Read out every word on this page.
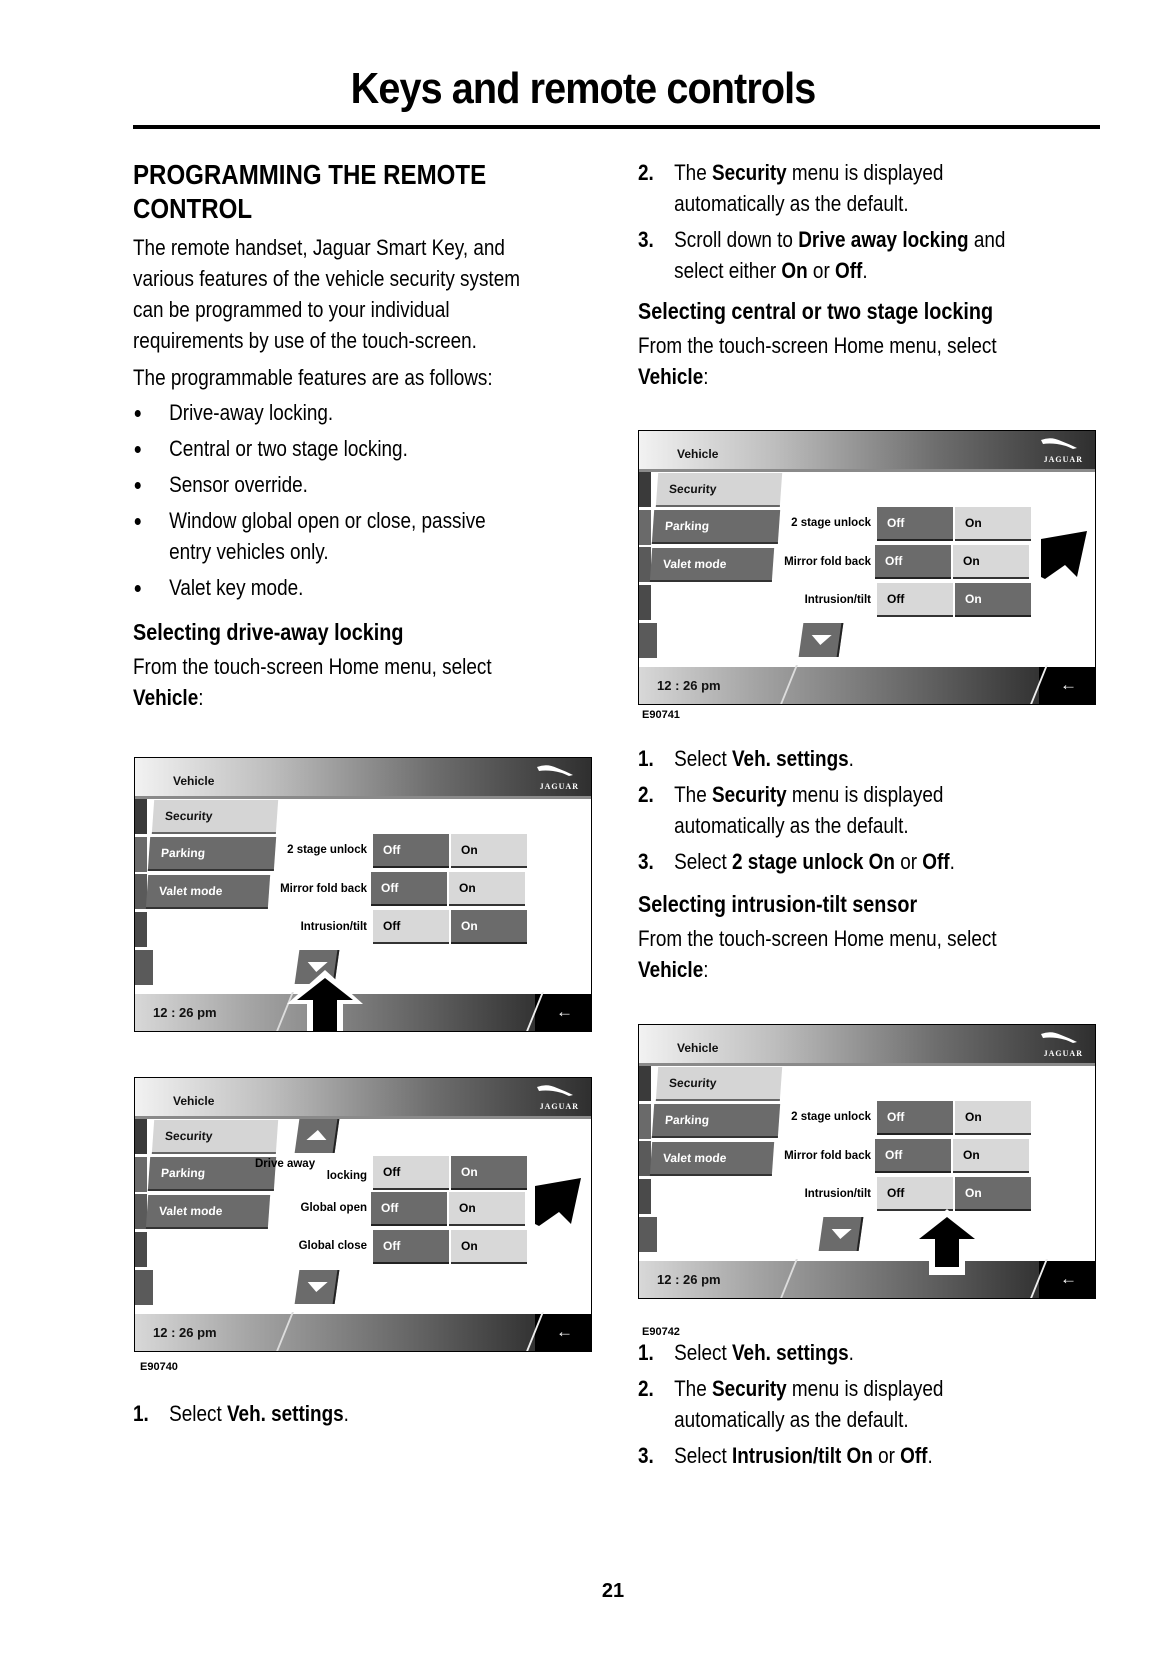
Keys and remote controls
PROGRAMMING THE REMOTE
CONTROL
The remote handset, Jaguar Smart Key, and
various features of the vehicle security system
can be programmed to your individual
requirements by use of the touch-screen.
The programmable features are as follows:
Drive-away locking.
Central or two stage locking.
Sensor override.
Window global open or close, passive
entry vehicles only.
Valet key mode.
Selecting drive-away locking
From the touch-screen Home menu, select
Vehicle:
Vehicle	JAGUAR
Security
Parking
Valet mode
2 stage unlock	Off	On
Mirror fold back	Off	On
Intrusion/tilt	Off	On
12 : 26 pm	←
Vehicle	JAGUAR
Security
Parking
Valet mode
Drive away
locking	Off	On
Global open	Off	On
Global close	Off	On
12 : 26 pm	←
E90740
1. Select Veh. settings.
2. The Security menu is displayed
automatically as the default.
3. Scroll down to Drive away locking and
select either On or Off.
Selecting central or two stage locking
From the touch-screen Home menu, select
Vehicle:
Vehicle	JAGUAR
Security
Parking
Valet mode
2 stage unlock	Off	On
Mirror fold back	Off	On
Intrusion/tilt	Off	On
12 : 26 pm	←
E90741
1. Select Veh. settings.
2. The Security menu is displayed
automatically as the default.
3. Select 2 stage unlock On or Off.
Selecting intrusion-tilt sensor
From the touch-screen Home menu, select
Vehicle:
Vehicle	JAGUAR
Security
Parking
Valet mode
2 stage unlock	Off	On
Mirror fold back	Off	On
Intrusion/tilt	Off	On
12 : 26 pm	←
E90742
1. Select Veh. settings.
2. The Security menu is displayed
automatically as the default.
3. Select Intrusion/tilt On or Off.
21
